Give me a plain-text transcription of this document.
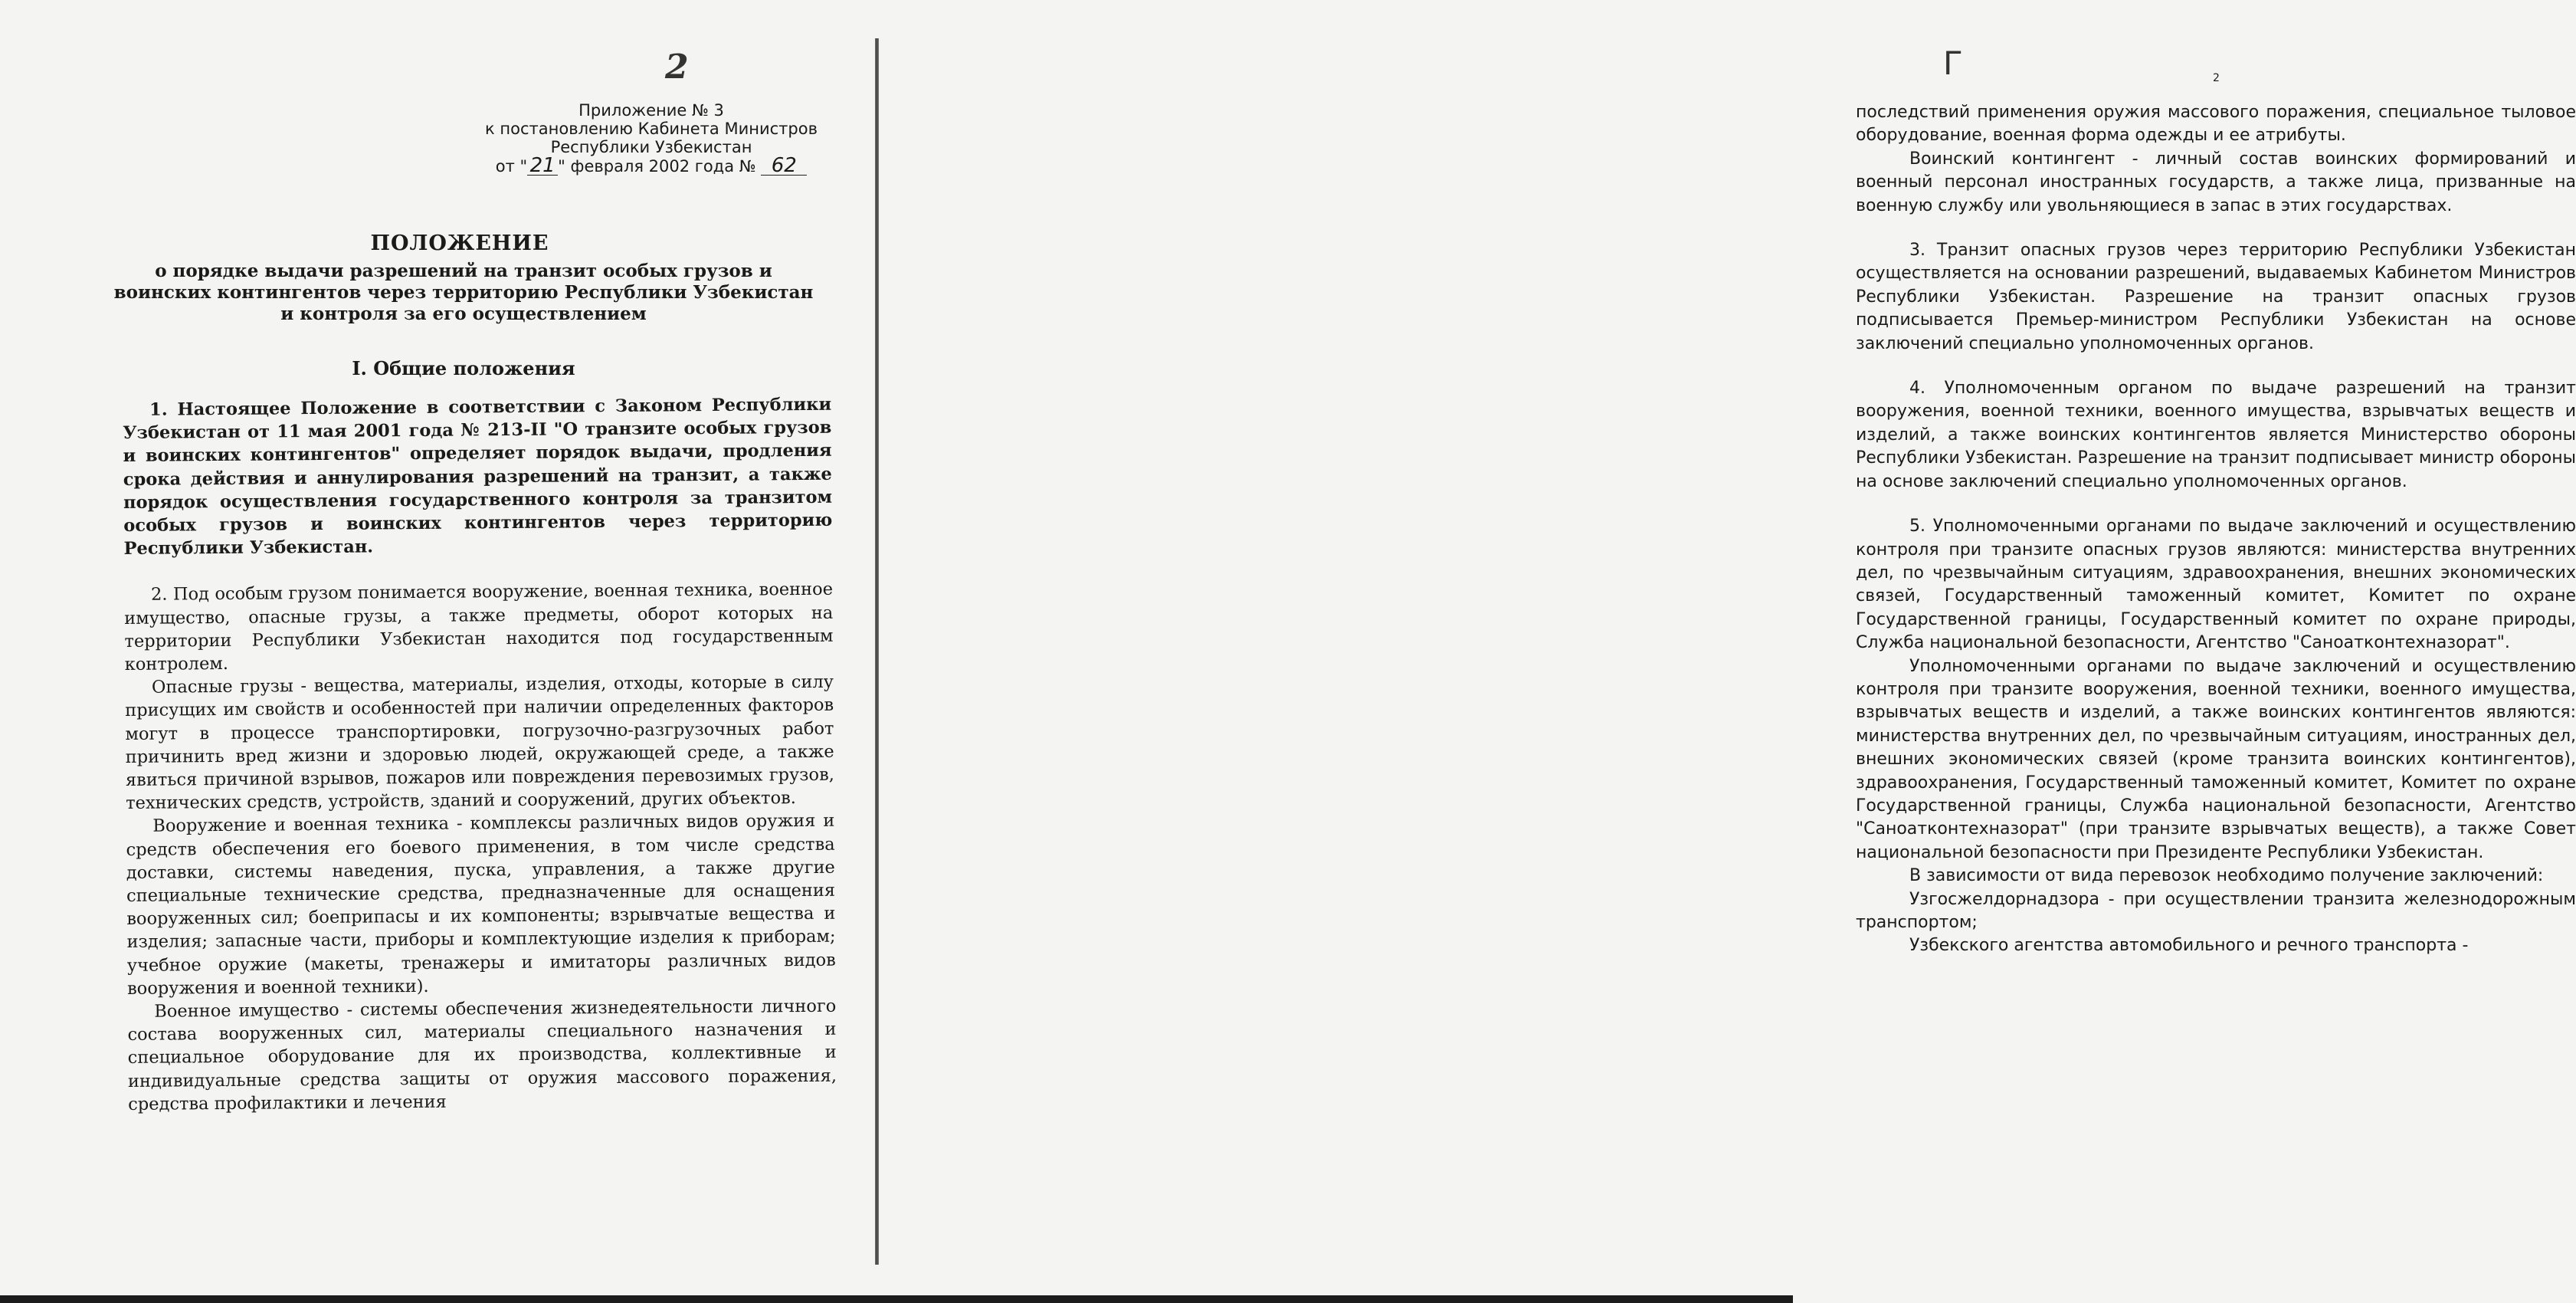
2
Приложение № 3
к постановлению Кабинета Министров
Республики Узбекистан
от " 21 " февраля 2002 года № 62
ПОЛОЖЕНИЕ
о порядке выдачи разрешений на транзит особых грузов и
воинских контингентов через территорию Республики Узбекистан
и контроля за его осуществлением
I. Общие положения

1. Настоящее Положение в соответствии с Законом Республики Узбекистан от 11 мая 2001 года № 213-II "О транзите особых грузов и воинских контингентов" определяет порядок выдачи, продления срока действия и аннулирования разрешений на транзит, а также порядок осуществления государственного контроля за транзитом особых грузов и воинских контингентов через территорию Республики Узбекистан.

2. Под особым грузом понимается вооружение, военная техника, военное имущество, опасные грузы, а также предметы, оборот которых на территории Республики Узбекистан находится под государственным контролем.

Опасные грузы - вещества, материалы, изделия, отходы, которые в силу присущих им свойств и особенностей при наличии определенных факторов могут в процессе транспортировки, погрузочно-разгрузочных работ причинить вред жизни и здоровью людей, окружающей среде, а также явиться причиной взрывов, пожаров или повреждения перевозимых грузов, технических средств, устройств, зданий и сооружений, других объектов.

Вооружение и военная техника - комплексы различных видов оружия и средств обеспечения его боевого применения, в том числе средства доставки, системы наведения, пуска, управления, а также другие специальные технические средства, предназначенные для оснащения вооруженных сил; боеприпасы и их компоненты; взрывчатые вещества и изделия; запасные части, приборы и комплектующие изделия к приборам; учебное оружие (макеты, тренажеры и имитаторы различных видов вооружения и военной техники).

Военное имущество - системы обеспечения жизнедеятельности личного состава вооруженных сил, материалы специального назначения и специальное оборудование для их производства, коллективные и индивидуальные средства защиты от оружия массового поражения, средства профилактики и лечения

Г	2

последствий применения оружия массового поражения, специальное тыловое оборудование, военная форма одежды и ее атрибуты.

Воинский контингент - личный состав воинских формирований и военный персонал иностранных государств, а также лица, призванные на военную службу или увольняющиеся в запас в этих государствах.

3. Транзит опасных грузов через территорию Республики Узбекистан осуществляется на основании разрешений, выдаваемых Кабинетом Министров Республики Узбекистан. Разрешение на транзит опасных грузов подписывается Премьер-министром Республики Узбекистан на основе заключений специально уполномоченных органов.

4. Уполномоченным органом по выдаче разрешений на транзит вооружения, военной техники, военного имущества, взрывчатых веществ и изделий, а также воинских контингентов является Министерство обороны Республики Узбекистан. Разрешение на транзит подписывает министр обороны на основе заключений специально уполномоченных органов.

5. Уполномоченными органами по выдаче заключений и осуществлению контроля при транзите опасных грузов являются: министерства внутренних дел, по чрезвычайным ситуациям, здравоохранения, внешних экономических связей, Государственный таможенный комитет, Комитет по охране Государственной границы, Государственный комитет по охране природы, Служба национальной безопасности, Агентство "Саноатконтехназорат".

Уполномоченными органами по выдаче заключений и осуществлению контроля при транзите вооружения, военной техники, военного имущества, взрывчатых веществ и изделий, а также воинских контингентов являются: министерства внутренних дел, по чрезвычайным ситуациям, иностранных дел, внешних экономических связей (кроме транзита воинских контингентов), здравоохранения, Государственный таможенный комитет, Комитет по охране Государственной границы, Служба национальной безопасности, Агентство "Саноатконтехназорат" (при транзите взрывчатых веществ), а также Совет национальной безопасности при Президенте Республики Узбекистан.

В зависимости от вида перевозок необходимо получение заключений:

Узгосжелдорнадзора - при осуществлении транзита железнодорожным транспортом;

Узбекского агентства автомобильного и речного транспорта -
